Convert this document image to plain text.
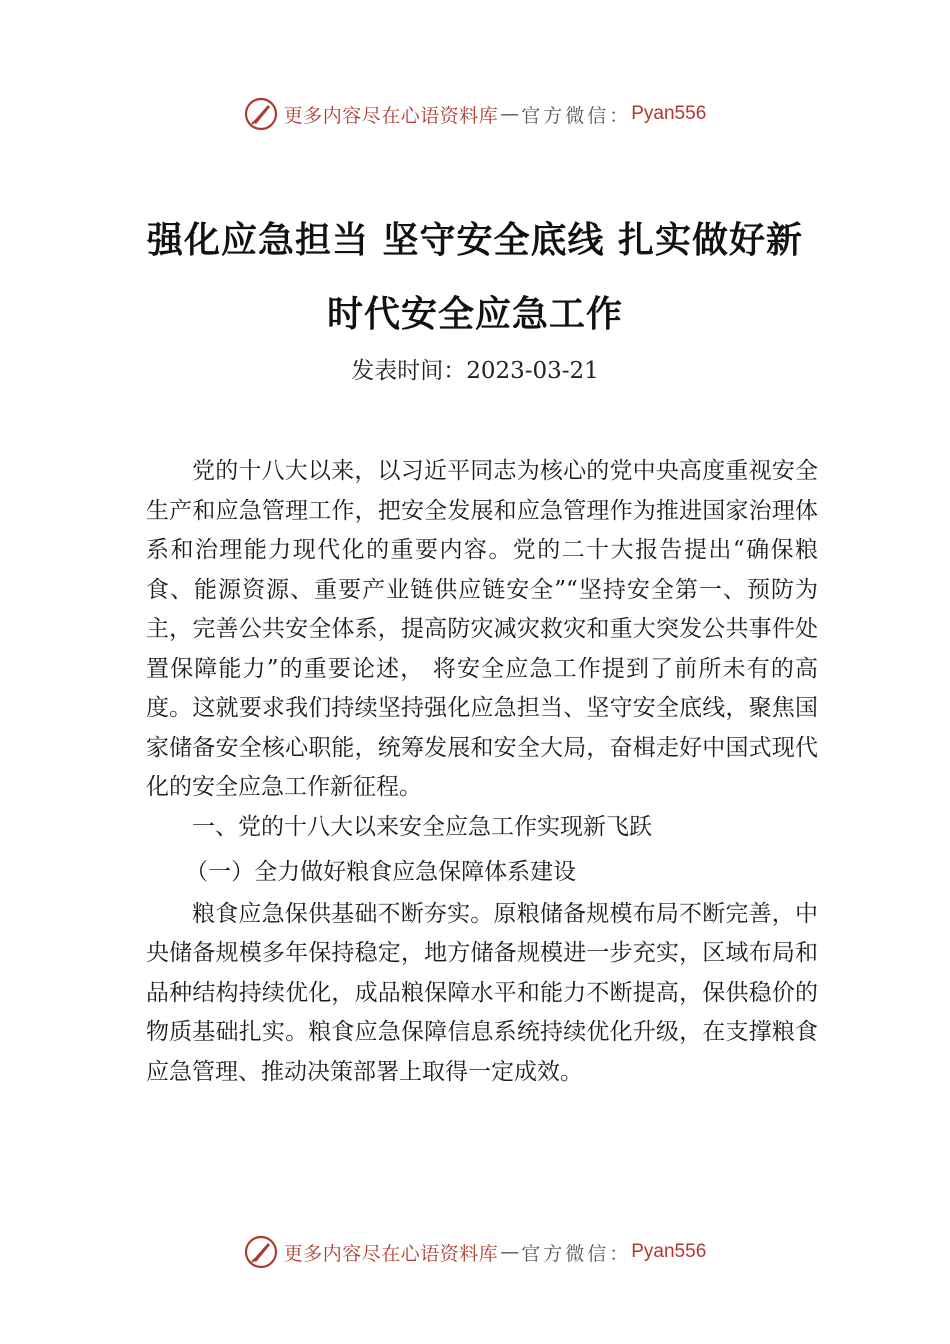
更多内容尽在心语资料库 — 官方微信： Pyan556
强化应急担当 坚守安全底线 扎实做好新
时代安全应急工作
发表时间：2023-03-21

党的十八大以来，以习近平同志为核心的党中央高度重视安全生产和应急管理工作，把安全发展和应急管理作为推进国家治理体系和治理能力现代化的重要内容。党的二十大报告提出“确保粮食、能源资源、重要产业链供应链安全”“坚持安全第一、预防为主，完善公共安全体系，提高防灾减灾救灾和重大突发公共事件处置保障能力”的重要论述， 将安全应急工作提到了前所未有的高度。这就要求我们持续坚持强化应急担当、坚守安全底线，聚焦国家储备安全核心职能，统筹发展和安全大局，奋楫走好中国式现代化的安全应急工作新征程。

一、党的十八大以来安全应急工作实现新飞跃

（一）全力做好粮食应急保障体系建设

粮食应急保供基础不断夯实。原粮储备规模布局不断完善，中央储备规模多年保持稳定，地方储备规模进一步充实，区域布局和品种结构持续优化，成品粮保障水平和能力不断提高，保供稳价的物质基础扎实。粮食应急保障信息系统持续优化升级，在支撑粮食应急管理、推动决策部署上取得一定成效。

更多内容尽在心语资料库 — 官方微信： Pyan556
